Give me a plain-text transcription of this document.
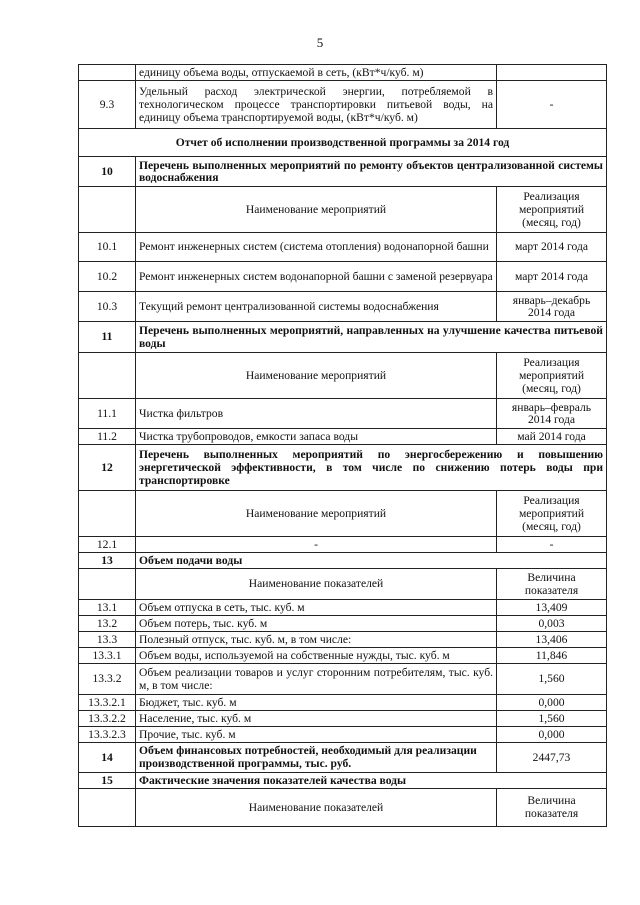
5
	единицу объема воды, отпускаемой в сеть, (кВт*ч/куб. м)	
9.3	Удельный расход электрической энергии, потребляемой в технологическом процессе транспортировки питьевой воды, на единицу объема транспортируемой воды, (кВт*ч/куб. м)	-
Отчет об исполнении производственной программы за 2014 год		
10	Перечень выполненных мероприятий по ремонту объектов централизованной системы водоснабжения	
	Наименование мероприятий	Реализация мероприятий (месяц, год)
10.1	Ремонт инженерных систем (система отопления) водонапорной башни	март 2014 года
10.2	Ремонт инженерных систем водонапорной башни с заменой резервуара	март 2014 года
10.3	Текущий ремонт централизованной системы водоснабжения	январь–декабрь 2014 года
11	Перечень выполненных мероприятий, направленных на улучшение качества питьевой воды	
	Наименование мероприятий	Реализация мероприятий (месяц, год)
11.1	Чистка фильтров	январь–февраль 2014 года
11.2	Чистка трубопроводов, емкости запаса воды	май 2014 года
12	Перечень выполненных мероприятий по энергосбережению и повышению энергетической эффективности, в том числе по снижению потерь воды при транспортировке	
	Наименование мероприятий	Реализация мероприятий (месяц, год)
12.1	-	-
13	Объем подачи воды	
	Наименование показателей	Величина показателя
13.1	Объем отпуска в сеть, тыс. куб. м	13,409
13.2	Объем потерь, тыс. куб. м	0,003
13.3	Полезный отпуск, тыс. куб. м, в том числе:	13,406
13.3.1	Объем воды, используемой на собственные нужды, тыс. куб. м	11,846
13.3.2	Объем реализации товаров и услуг сторонним потребителям, тыс. куб. м, в том числе:	1,560
13.3.2.1	Бюджет, тыс. куб. м	0,000
13.3.2.2	Население, тыс. куб. м	1,560
13.3.2.3	Прочие, тыс. куб. м	0,000
14	Объем финансовых потребностей, необходимый для реализации производственной программы, тыс. руб.	2447,73
15	Фактические значения показателей качества воды	
	Наименование показателей	Величина показателя
